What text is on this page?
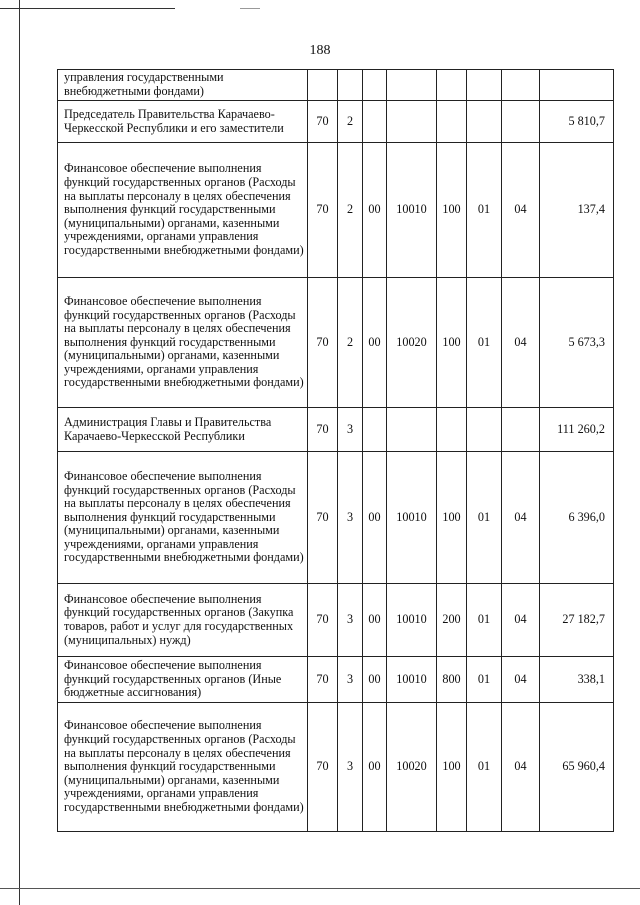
188
управления государственными внебюджетными фондами)								
Председатель Правительства Карачаево-Черкесской Республики и его заместители	70	2						5 810,7
Финансовое обеспечение выполнения функций государственных органов (Расходы на выплаты персоналу в целях обеспечения выполнения функций государственными (муниципальными) органами, казенными учреждениями, органами управления государственными внебюджетными фондами)	70	2	00	10010	100	01	04	137,4
Финансовое обеспечение выполнения функций государственных органов (Расходы на выплаты персоналу в целях обеспечения выполнения функций государственными (муниципальными) органами, казенными учреждениями, органами управления государственными внебюджетными фондами)	70	2	00	10020	100	01	04	5 673,3
Администрация Главы и Правительства Карачаево-Черкесской Республики	70	3						111 260,2
Финансовое обеспечение выполнения функций государственных органов (Расходы на выплаты персоналу в целях обеспечения выполнения функций государственными (муниципальными) органами, казенными учреждениями, органами управления государственными внебюджетными фондами)	70	3	00	10010	100	01	04	6 396,0
Финансовое обеспечение выполнения функций государственных органов (Закупка товаров, работ и услуг для государственных (муниципальных) нужд)	70	3	00	10010	200	01	04	27 182,7
Финансовое обеспечение выполнения функций государственных органов (Иные бюджетные ассигнования)	70	3	00	10010	800	01	04	338,1
Финансовое обеспечение выполнения функций государственных органов (Расходы на выплаты персоналу в целях обеспечения выполнения функций государственными (муниципальными) органами, казенными учреждениями, органами управления государственными внебюджетными фондами)	70	3	00	10020	100	01	04	65 960,4
